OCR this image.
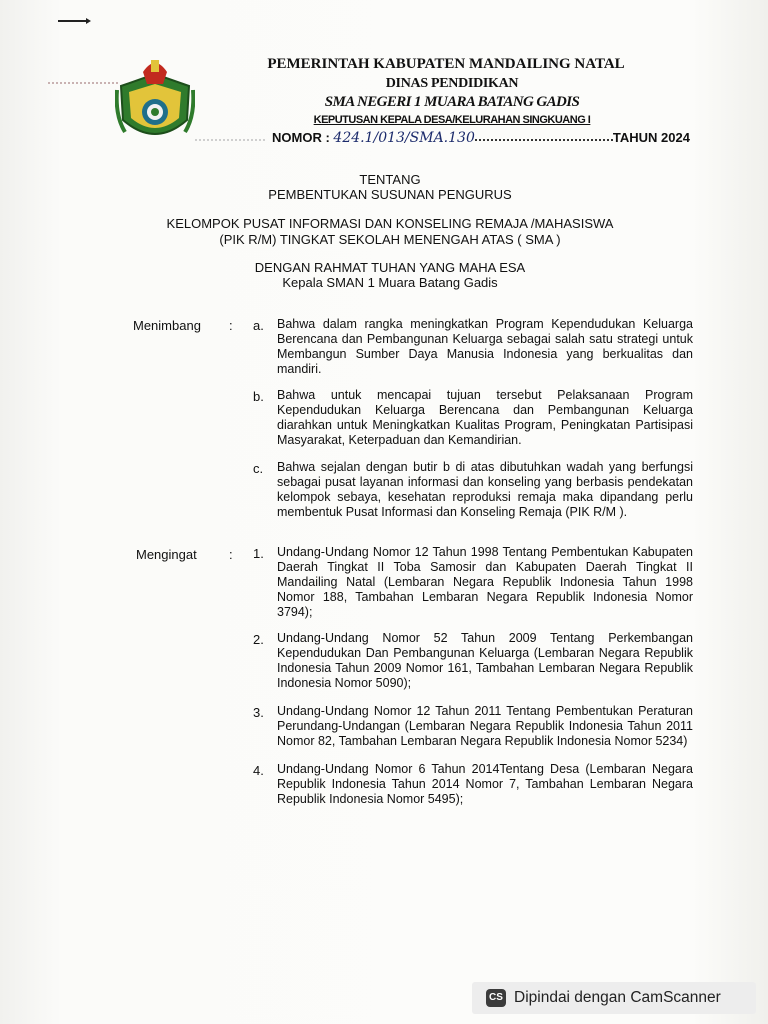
PEMERINTAH KABUPATEN MANDAILING NATAL
DINAS PENDIDIKAN
SMA NEGERI 1 MUARA BATANG GADIS
KEPUTUSAN KEPALA DESA/KELURAHAN SINGKUANG I
NOMOR : 424.1/013/SMA.130	TAHUN 2024
TENTANG
PEMBENTUKAN SUSUNAN PENGURUS
KELOMPOK PUSAT INFORMASI DAN KONSELING REMAJA /MAHASISWA
(PIK R/M) TINGKAT SEKOLAH MENENGAH ATAS ( SMA )
DENGAN RAHMAT TUHAN YANG MAHA ESA
Kepala SMAN 1 Muara Batang Gadis
Menimbang : a. Bahwa dalam rangka meningkatkan Program Kependudukan Keluarga Berencana dan Pembangunan Keluarga sebagai salah satu strategi untuk Membangun Sumber Daya Manusia Indonesia yang berkualitas dan mandiri.
b. Bahwa untuk mencapai tujuan tersebut Pelaksanaan Program Kependudukan Keluarga Berencana dan Pembangunan Keluarga diarahkan untuk Meningkatkan Kualitas Program, Peningkatan Partisipasi Masyarakat, Keterpaduan dan Kemandirian.
c. Bahwa sejalan dengan butir b di atas dibutuhkan wadah yang berfungsi sebagai pusat layanan informasi dan konseling yang berbasis pendekatan kelompok sebaya, kesehatan reproduksi remaja maka dipandang perlu membentuk Pusat Informasi dan Konseling Remaja (PIK R/M ).
Mengingat : 1. Undang-Undang Nomor 12 Tahun 1998 Tentang Pembentukan Kabupaten Daerah Tingkat II Toba Samosir dan Kabupaten Daerah Tingkat II Mandailing Natal (Lembaran Negara Republik Indonesia Tahun 1998 Nomor 188, Tambahan Lembaran Negara Republik Indonesia Nomor 3794);
2. Undang-Undang Nomor 52 Tahun 2009 Tentang Perkembangan Kependudukan Dan Pembangunan Keluarga (Lembaran Negara Republik Indonesia Tahun 2009 Nomor 161, Tambahan Lembaran Negara Republik Indonesia Nomor 5090);
3. Undang-Undang Nomor 12 Tahun 2011 Tentang Pembentukan Peraturan Perundang-Undangan (Lembaran Negara Republik Indonesia Tahun 2011 Nomor 82, Tambahan Lembaran Negara Republik Indonesia Nomor 5234)
4. Undang-Undang Nomor 6 Tahun 2014Tentang Desa (Lembaran Negara Republik Indonesia Tahun 2014 Nomor 7, Tambahan Lembaran Negara Republik Indonesia Nomor 5495);
CS Dipindai dengan CamScanner
